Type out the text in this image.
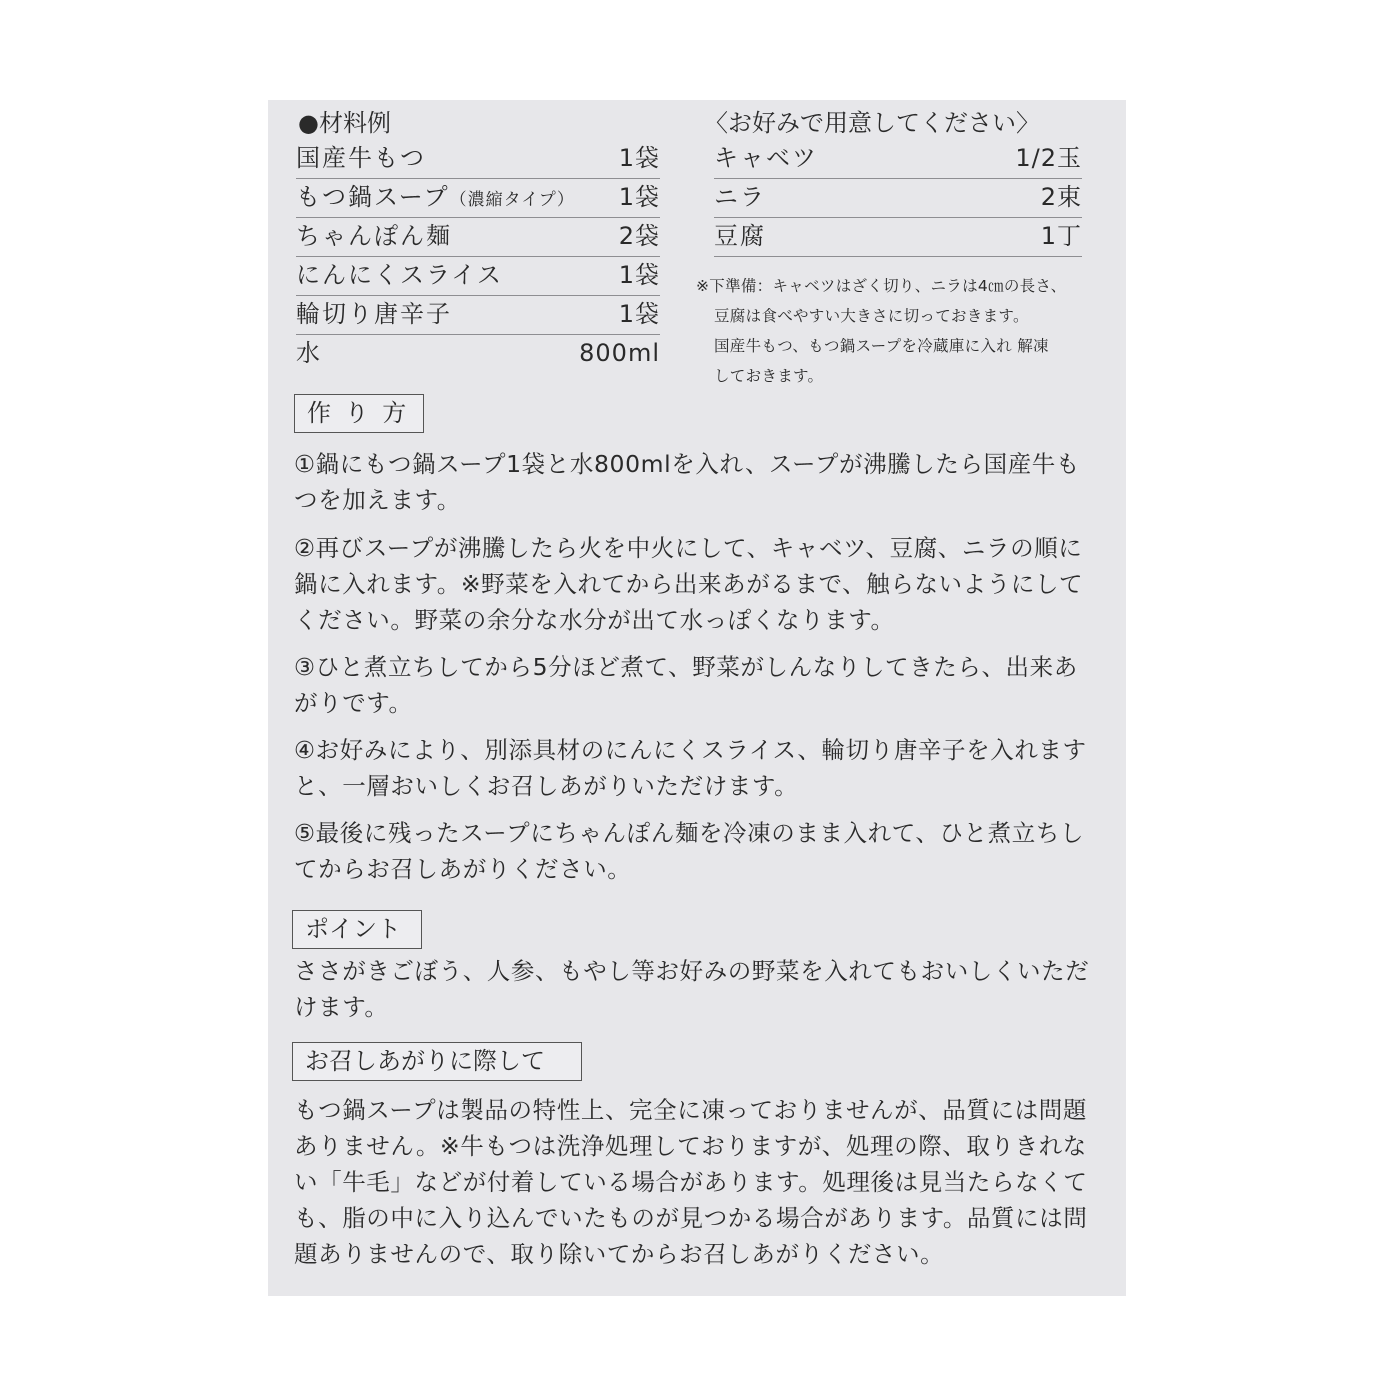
●材料例
国産牛もつ	1袋
もつ鍋スープ（濃縮タイプ） 1袋
ちゃんぽん麺	2袋
にんにくスライス	1袋
輪切り唐辛子	1袋
水	800ml
〈お好みで用意してください〉
キャベツ	1/2玉
ニラ	2束
豆腐	1丁
※下準備：キャベツはざく切り、ニラは4㎝の長さ、
豆腐は食べやすい大きさに切っておきます。
国産牛もつ、もつ鍋スープを冷蔵庫に入れ 解凍
しておきます。
作 り 方

①鍋にもつ鍋スープ1袋と水800mlを入れ、スープが沸騰したら国産牛もつを加えます。

②再びスープが沸騰したら火を中火にして、キャベツ、豆腐、ニラの順に鍋に入れます。※野菜を入れてから出来あがるまで、触らないようにしてください。野菜の余分な水分が出て水っぽくなります。

③ひと煮立ちしてから5分ほど煮て、野菜がしんなりしてきたら、出来あがりです。

④お好みにより、別添具材のにんにくスライス、輪切り唐辛子を入れますと、一層おいしくお召しあがりいただけます。

⑤最後に残ったスープにちゃんぽん麺を冷凍のまま入れて、ひと煮立ちしてからお召しあがりください。

ポイント

ささがきごぼう、人参、もやし等お好みの野菜を入れてもおいしくいただけます。

お召しあがりに際して

もつ鍋スープは製品の特性上、完全に凍っておりませんが、品質には問題ありません。※牛もつは洗浄処理しておりますが、処理の際、取りきれない「牛毛」などが付着している場合があります。処理後は見当たらなくても、脂の中に入り込んでいたものが見つかる場合があります。品質には問題ありませんので、取り除いてからお召しあがりください。
